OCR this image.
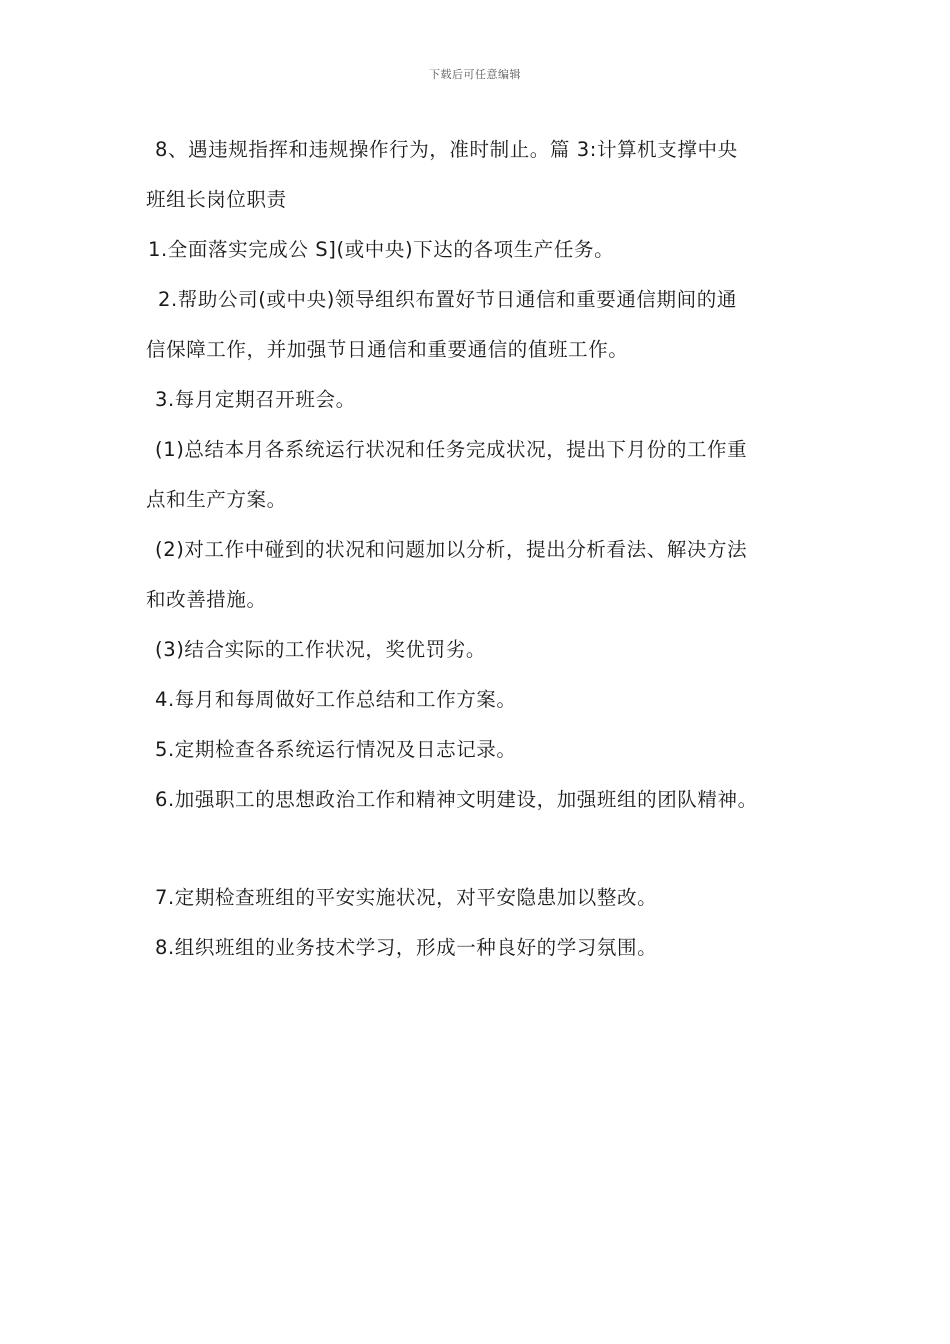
下载后可任意编辑
8、遇违规指挥和违规操作行为，准时制止。篇 3:计算机支撑中央
班组长岗位职责
1.全面落实完成公 S](或中央)下达的各项生产任务。
2.帮助公司(或中央)领导组织布置好节日通信和重要通信期间的通
信保障工作，并加强节日通信和重要通信的值班工作。
3.每月定期召开班会。
(1)总结本月各系统运行状况和任务完成状况，提出下月份的工作重
点和生产方案。
(2)对工作中碰到的状况和问题加以分析，提出分析看法、解决方法
和改善措施。
(3)结合实际的工作状况，奖优罚劣。
4.每月和每周做好工作总结和工作方案。
5.定期检查各系统运行情况及日志记录。
6.加强职工的思想政治工作和精神文明建设，加强班组的团队精神。
7.定期检查班组的平安实施状况，对平安隐患加以整改。
8.组织班组的业务技术学习，形成一种良好的学习氛围。
